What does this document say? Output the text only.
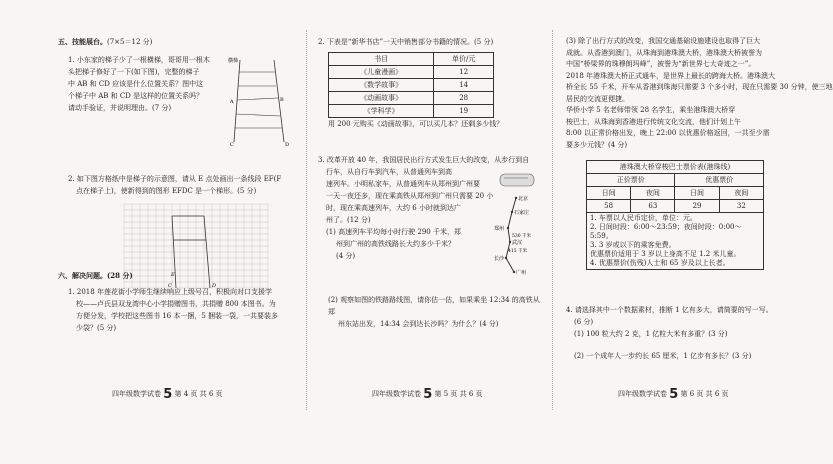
五、技能展台。(7×5＝12 分)
1. 小东家的梯子少了一根横梯，哥哥用一根木
头把梯子修好了一下(如下图)，完整的梯子
中 AB 和 CD 应该是什么位置关系？图中这
个梯子中 AB 和 CD 是这样的位置关系吗？
请动手验证，并说明理由。(7 分)
横梯
A	B
C	D
2. 如下图方格纸中是梯子的示意图，请从 E 点处画出一条线段 EF(F
点在梯子上)，使新得到的图形 EFDC 是一个梯形。(5 分)
E
C	D
六、解决问题。(28 分)
1. 2018 年莲花街小学师生继续响应上级号召，积极向对口支援学
校——卢氏县双龙湾中心小学捐赠图书，共捐赠 800 本图书。为
方便分发，学校把这些图书 16 本一捆，5 捆装一袋，一共要装多
少袋？(5 分)
四年级数学试卷 5 第 4 页 共 6 页
2. 下表是“新华书店”一天中销售部分书籍的情况。(5 分)
书目	单价/元
《儿童漫画》	12
《数学故事》	14
《动画故事》	28
《学科学》	19
用 200 元购买《动画故事》，可以买几本？还剩多少钱？
3. 改革开放 40 年，我国居民出行方式发生巨大的改变，从步行到自
行车，从自行车到汽车，从普通列车到高
速列车。小明私家车，从普通列车从郑州到广州要
一天一夜还多，现在乘高铁从郑州到广州只需要 20 小
时，现在乘高速列车，大约 6 小时就到达广
州了。(12 分)
(1) 高速列车平均每小时行驶 290 千米，郑
州到广州的高铁线路长大约多少千米？
(4 分)
北京
石家庄
郑州
530 千米
武汉
415 千米
长沙
广州
(2) 观察如图的铁路路线图，请你估一估，如果乘坐 12:34 的高铁从郑
州东站出发，14:34 会到达长沙吗？为什么？(4 分)
四年级数学试卷 5 第 5 页 共 6 页
(3) 除了出行方式的改变，我国交通基础设施建设也取得了巨大
成就。从香港到澳门，从珠海到港珠澳大桥，港珠澳大桥被誉为
中国“桥梁界的珠穆朗玛峰”，被誉为“新世界七大奇迹之一”。
2018 年港珠澳大桥正式通车，是世界上最长的跨海大桥。港珠澳大
桥全长 55 千米，开车从香港到珠海只需要 3 个多小时，现在只需要 30 分钟，使三地
居民的交流更便捷。
华侨小学 5 名老师带领 28 名学生，乘坐港珠澳大桥穿
梭巴士，从珠海到香港进行传统文化交流，他们计划上午
8:00 以正常价格出发，晚上 22:00 以优惠价格返回，一共至少需
要多少元钱？(4 分)
港珠澳大桥穿梭巴士票价表(港珠线)			
正价票价		优惠票价	
日间	夜间	日间	夜间
58	63	29	32

1. 车票以人民币定价，单位：元。
2. 日间时段：6:00～23:59；夜间时段：0:00～5:59。
3. 3 岁或以下的乘客免费。
优惠票价适用于 3 岁以上身高不足 1.2 米儿童。
4. 优惠票价(伤残)人士和 65 岁及以上长者。			
4. 请选择其中一个数据素材，推断 1 亿有多大，请简要的写一写。
(6 分)
(1) 100 粒大约 2 克，1 亿粒大米有多重？(3 分)
(2) 一个成年人一步约长 65 厘米，1 亿步有多长？(3 分)
四年级数学试卷 5 第 6 页 共 6 页
